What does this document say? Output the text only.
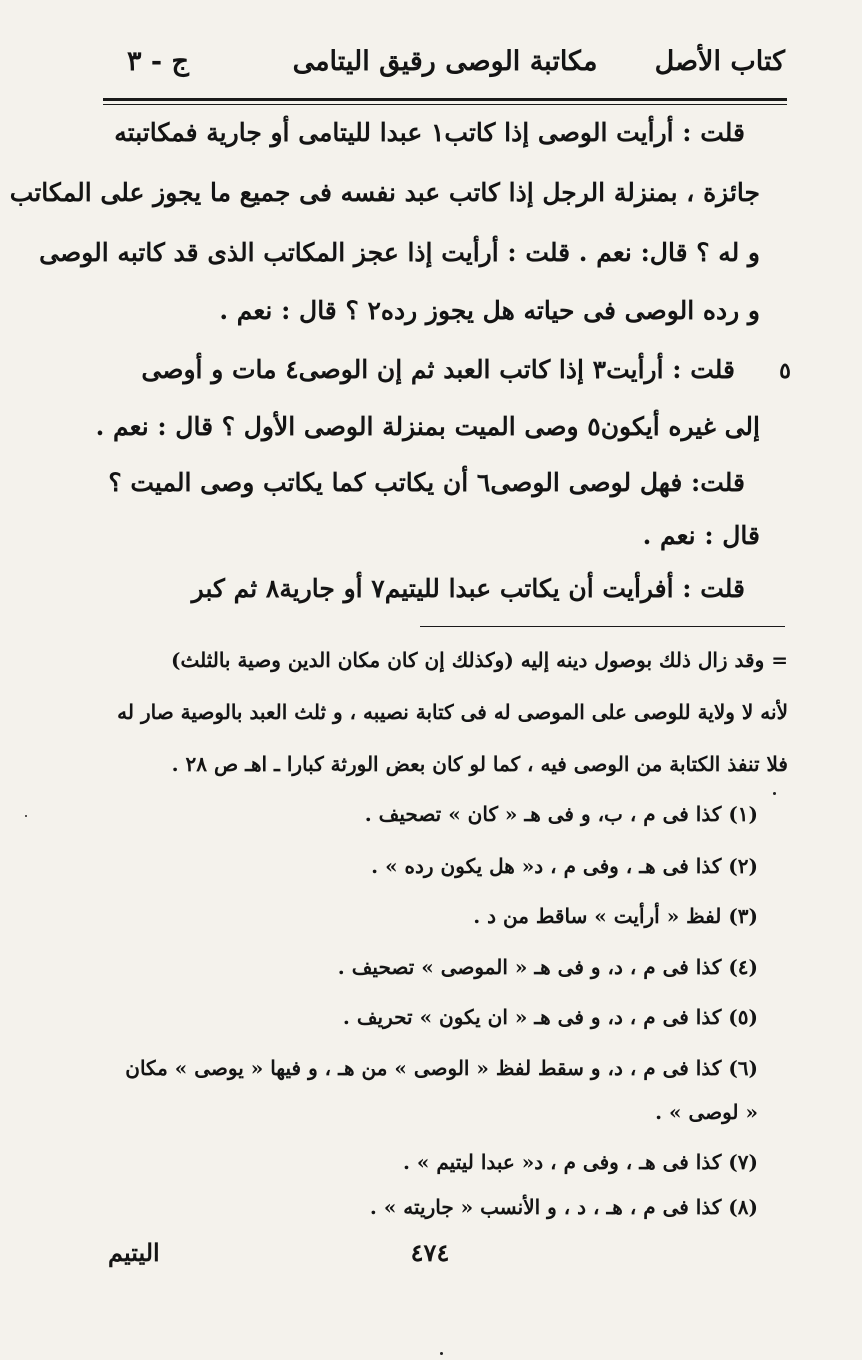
كتاب الأصل
مكاتبة الوصى رقيق اليتامى
ج - ٣
قلت : أرأيت الوصى إذا كاتب١ عبدا لليتامى أو جارية فمكاتبته
جائزة ، بمنزلة الرجل إذا كاتب عبد نفسه فى جميع ما يجوز على المكاتب
و له ؟ قال: نعم . قلت : أرأيت إذا عجز المكاتب الذى قد كاتبه الوصى
و رده الوصى فى حياته هل يجوز رده٢ ؟ قال : نعم .
قلت : أرأيت٣ إذا كاتب العبد ثم إن الوصى٤ مات و أوصى
إلى غيره أيكون٥ وصى الميت بمنزلة الوصى الأول ؟ قال : نعم .
قلت: فهل لوصى الوصى٦ أن يكاتب كما يكاتب وصى الميت ؟
قال : نعم .
قلت : أفرأيت أن يكاتب عبدا لليتيم٧ أو جارية٨ ثم كبر
٥
= وقد زال ذلك بوصول دينه إليه (وكذلك إن كان مكان الدين وصية بالثلث)
لأنه لا ولاية للوصى على الموصى له فى كتابة نصيبه ، و ثلث العبد بالوصية صار له
فلا تنفذ الكتابة من الوصى فيه ، كما لو كان بعض الورثة كبارا ـ اهـ ص ٢٨ .
(١) كذا فى م ، ب، و فى هـ « كان » تصحيف .
(٢) كذا فى هـ ، وفى م ، د« هل يكون رده » .
(٣) لفظ « أرأيت » ساقط من د .
(٤) كذا فى م ، د، و فى هـ « الموصى » تصحيف .
(٥) كذا فى م ، د، و فى هـ « ان يكون » تحريف .
(٦) كذا فى م ، د، و سقط لفظ « الوصى » من هـ ، و فيها « يوصى » مكان
« لوصى » .
(٧) كذا فى هـ ، وفى م ، د« عبدا ليتيم » .
(٨) كذا فى م ، هـ ، د ، و الأنسب « جاريته » .
٤٧٤
اليتيم
